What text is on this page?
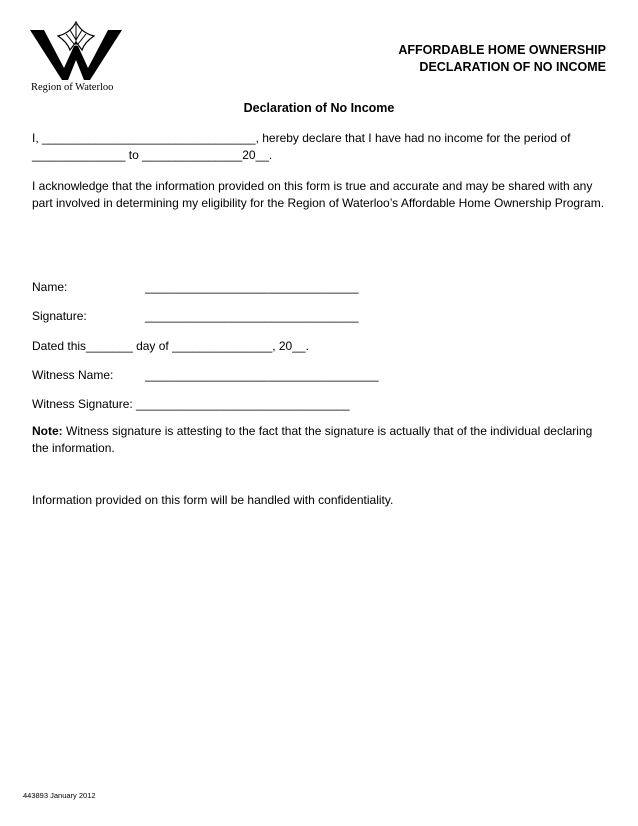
Region of Waterloo
AFFORDABLE HOME OWNERSHIP
DECLARATION OF NO INCOME
Declaration of No Income
I, ________________________________, hereby declare that I have had no income for the period of
______________ to _______________20__.
I acknowledge that the information provided on this form is true and accurate and may be shared with any part involved in determining my eligibility for the Region of Waterloo’s Affordable Home Ownership Program.
Name:	________________________________
Signature:	________________________________
Dated this_______ day of _______________, 20__.
Witness Name:	___________________________________
Witness Signature: ________________________________
Note: Witness signature is attesting to the fact that the signature is actually that of the individual declaring the information.
Information provided on this form will be handled with confidentiality.
443893 January 2012
